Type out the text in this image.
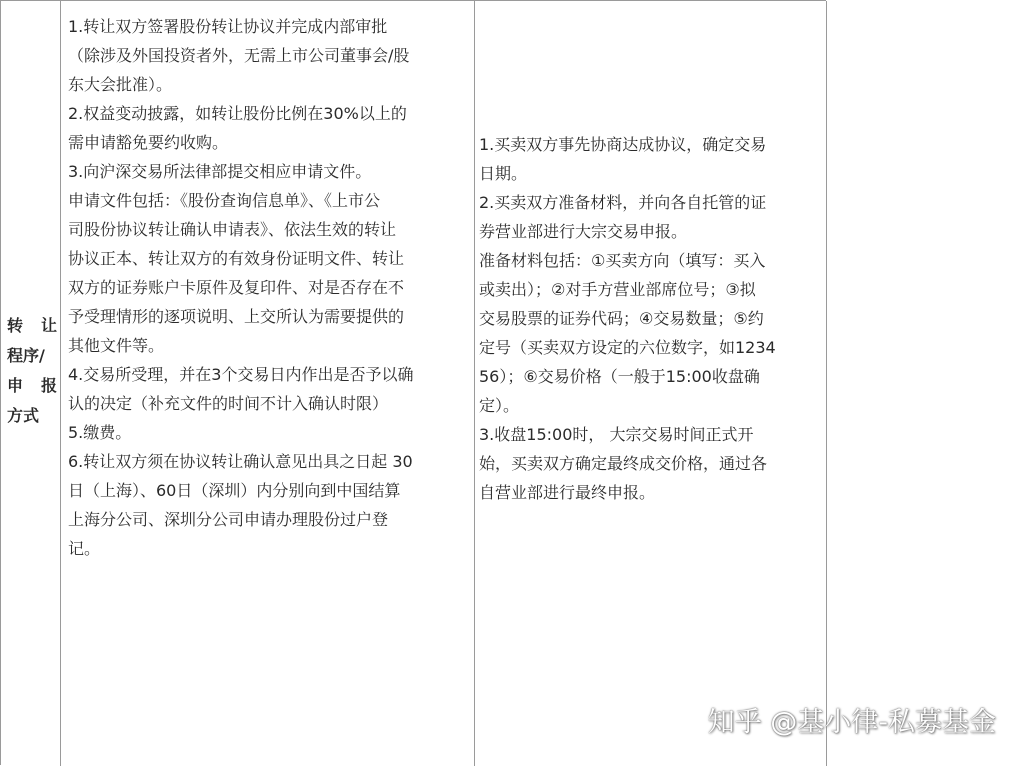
转 让
程序/
申 报
方式
1.转让双方签署股份转让协议并完成内部审批
（除涉及外国投资者外，无需上市公司董事会/股
东大会批准）。
2.权益变动披露，如转让股份比例在30%以上的
需申请豁免要约收购。
3.向沪深交易所法律部提交相应申请文件。
申请文件包括：《股份查询信息单》、《上市公
司股份协议转让确认申请表》、依法生效的转让
协议正本、转让双方的有效身份证明文件、转让
双方的证券账户卡原件及复印件、对是否存在不
予受理情形的逐项说明、上交所认为需要提供的
其他文件等。
4.交易所受理，并在3个交易日内作出是否予以确
认的决定（补充文件的时间不计入确认时限）
5.缴费。
6.转让双方须在协议转让确认意见出具之日起 30
日（上海）、60日（深圳）内分别向到中国结算
上海分公司、深圳分公司申请办理股份过户登
记。
1.买卖双方事先协商达成协议，确定交易
日期。
2.买卖双方准备材料，并向各自托管的证
券营业部进行大宗交易申报。
准备材料包括：①买卖方向（填写：买入
或卖出）；②对手方营业部席位号；③拟
交易股票的证券代码；④交易数量；⑤约
定号（买卖双方设定的六位数字，如1234
56）；⑥交易价格（一般于15:00收盘确
定）。
3.收盘15:00时， 大宗交易时间正式开
始，买卖双方确定最终成交价格，通过各
自营业部进行最终申报。
知乎 @基小律-私募基金
